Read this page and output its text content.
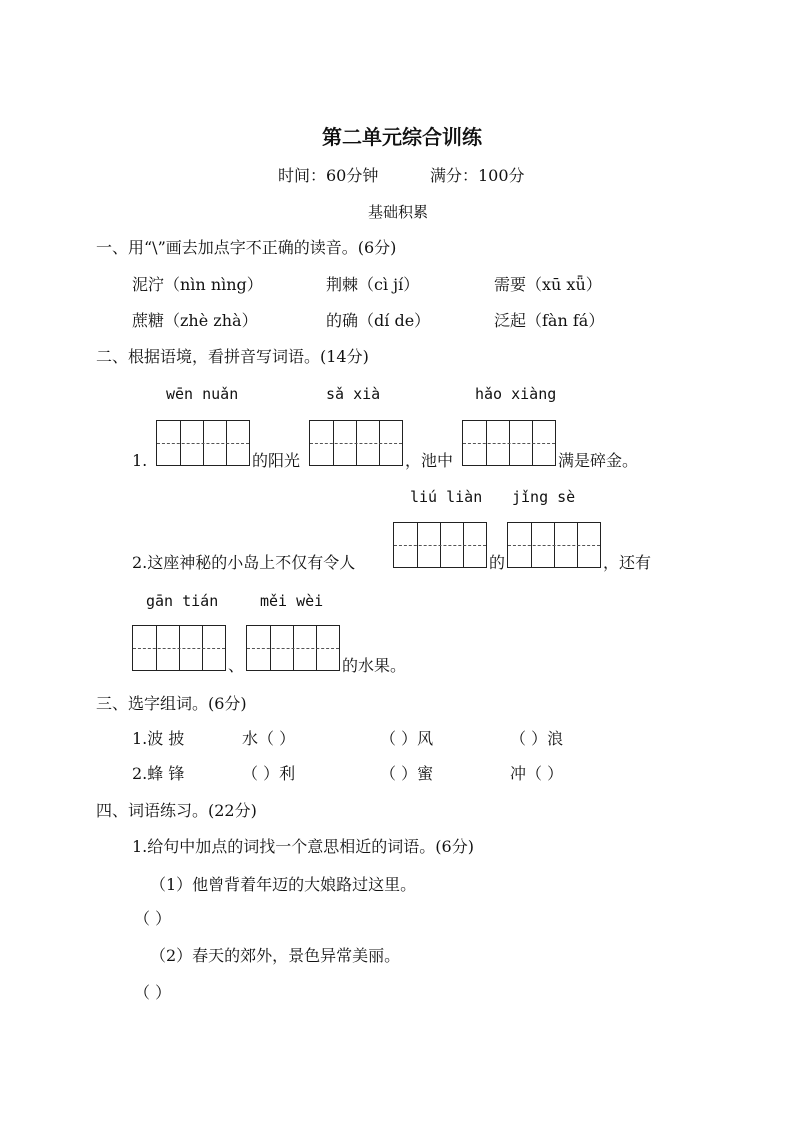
第二单元综合训练
时间：60分钟	满分：100分
基础积累
一、用“\”画去加点字不正确的读音。(6分)
泥泞（nìn nìng）	荆棘（cì jí）	需要（xū xǖ）
蔗糖（zhè zhà）	的确（dí de）	泛起（fàn fá）
二、根据语境，看拼音写词语。(14分)
wēn nuǎn	sǎ xià	hǎo xiàng
1.	的阳光	，池中	满是碎金。
liú liàn jǐng sè
2.这座神秘的小岛上不仅有令人	的	，还有
gān tián	měi wèi
、	的水果。
三、选字组词。(6分)
1.波 披	水（ ）	（ ）风	（ ）浪
2.蜂 锋	（ ）利	（ ）蜜	冲（ ）
四、词语练习。(22分)
1.给句中加点的词找一个意思相近的词语。(6分)
（1）他曾背着年迈的大娘路过这里。
（ ）
（2）春天的郊外，景色异常美丽。
（ ）
